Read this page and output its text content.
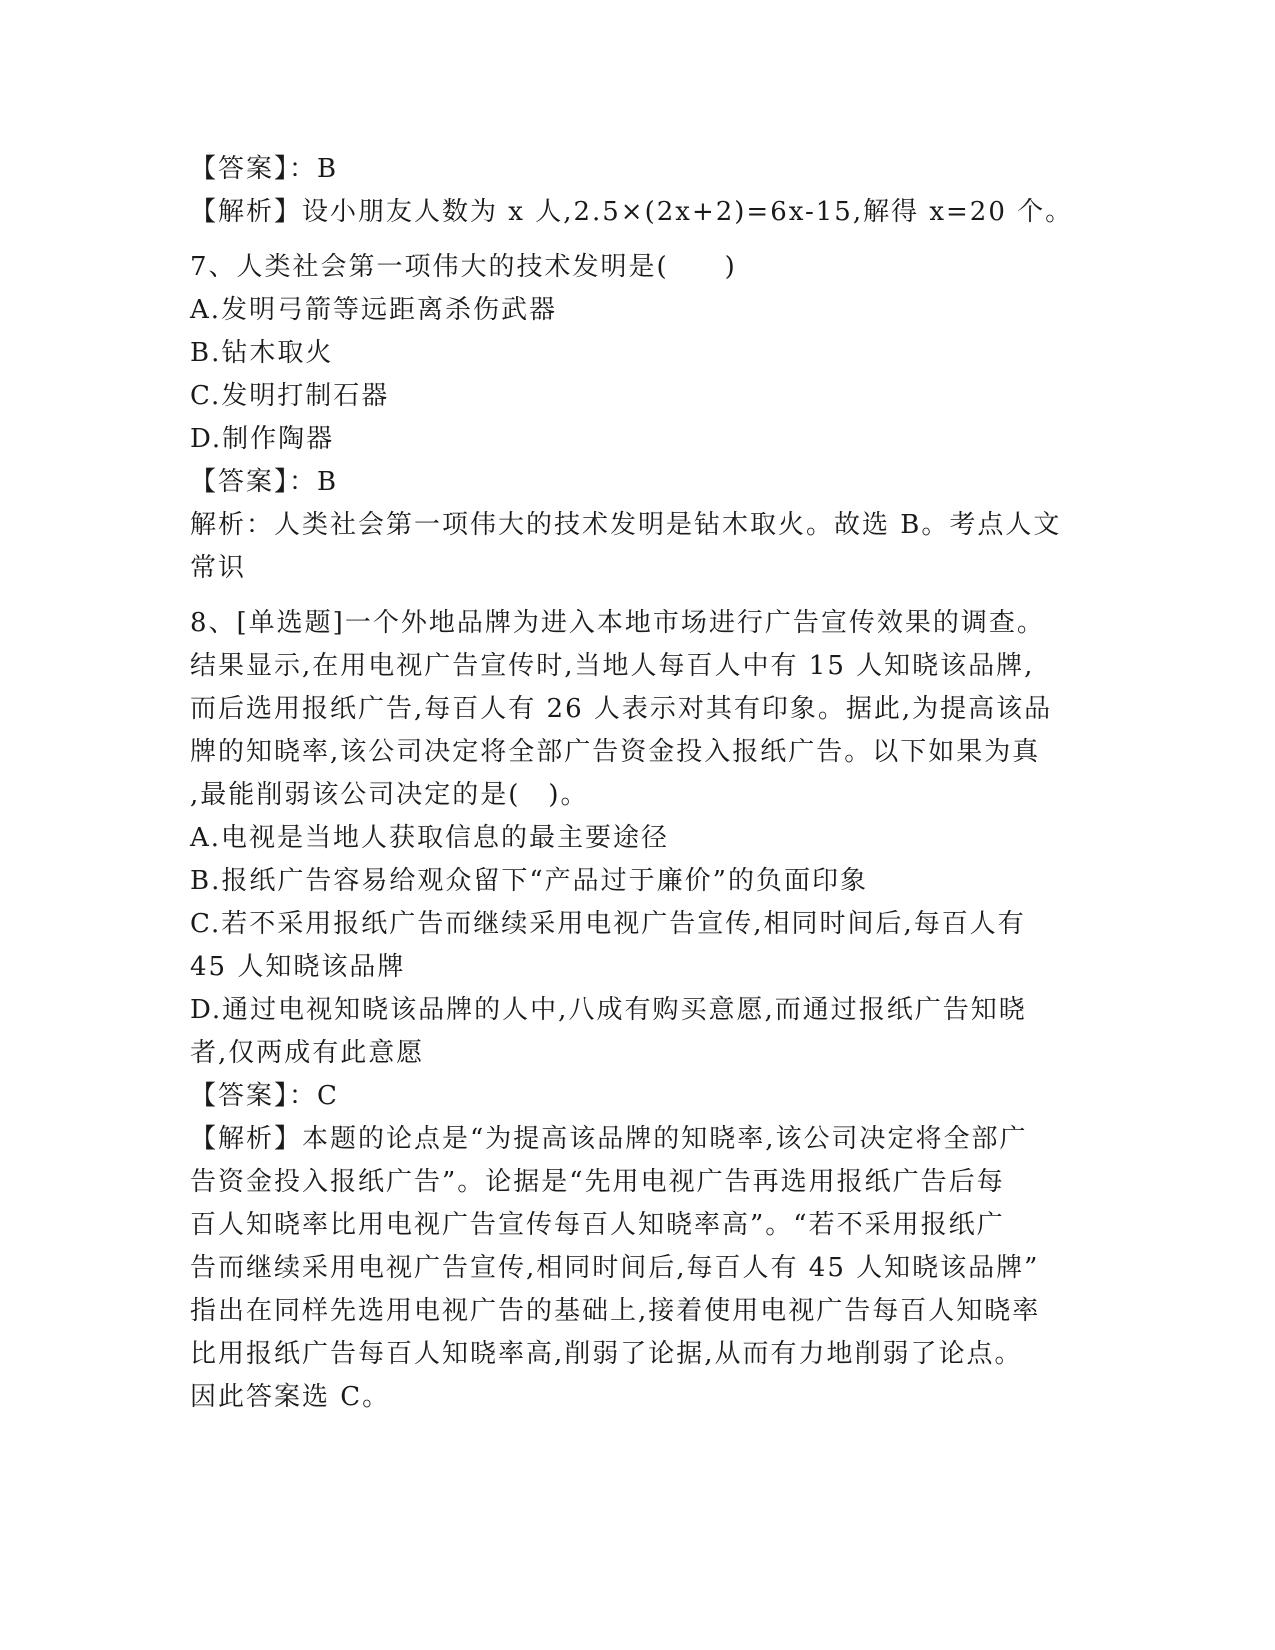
【答案】：B
【解析】设小朋友人数为 x 人,2.5×(2x+2)=6x-15,解得 x=20 个。
7、人类社会第一项伟大的技术发明是(　　)
A.发明弓箭等远距离杀伤武器
B.钻木取火
C.发明打制石器
D.制作陶器
【答案】：B
解析：人类社会第一项伟大的技术发明是钻木取火。故选 B。考点人文
常识
8、[单选题]一个外地品牌为进入本地市场进行广告宣传效果的调查。
结果显示,在用电视广告宣传时,当地人每百人中有 15 人知晓该品牌,
而后选用报纸广告,每百人有 26 人表示对其有印象。据此,为提高该品
牌的知晓率,该公司决定将全部广告资金投入报纸广告。以下如果为真
,最能削弱该公司决定的是(　)。
A.电视是当地人获取信息的最主要途径
B.报纸广告容易给观众留下“产品过于廉价”的负面印象
C.若不采用报纸广告而继续采用电视广告宣传,相同时间后,每百人有
45 人知晓该品牌
D.通过电视知晓该品牌的人中,八成有购买意愿,而通过报纸广告知晓
者,仅两成有此意愿
【答案】：C
【解析】本题的论点是“为提高该品牌的知晓率,该公司决定将全部广
告资金投入报纸广告”。论据是“先用电视广告再选用报纸广告后每
百人知晓率比用电视广告宣传每百人知晓率高”。“若不采用报纸广
告而继续采用电视广告宣传,相同时间后,每百人有 45 人知晓该品牌”
指出在同样先选用电视广告的基础上,接着使用电视广告每百人知晓率
比用报纸广告每百人知晓率高,削弱了论据,从而有力地削弱了论点。
因此答案选 C。
